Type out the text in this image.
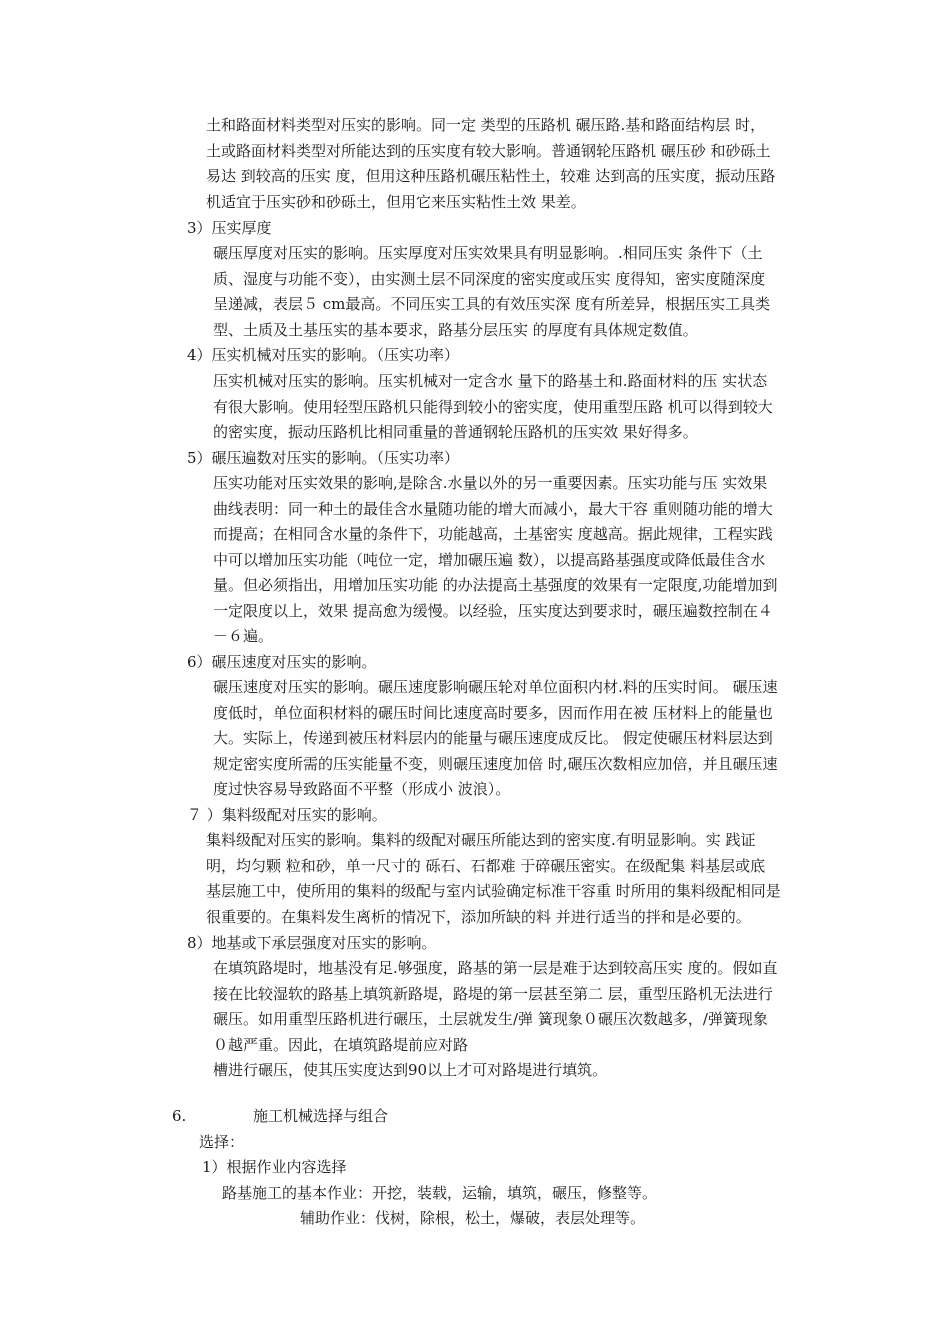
土和路面材料类型对压实的影响。同一定 类型的压路机 碾压路.基和路面结构层 时，
土或路面材料类型对所能达到的压实度有较大影响。普通钢轮压路机 碾压砂 和砂砾土
易达 到较高的压实 度，但用这种压路机碾压粘性土，较难 达到高的压实度，振动压路
机适宜于压实砂和砂砾土，但用它来压实粘性土效 果差。
3）压实厚度
碾压厚度对压实的影响。压实厚度对压实效果具有明显影响。.相同压实 条件下（土
质、湿度与功能不变），由实测土层不同深度的密实度或压实 度得知，密实度随深度
呈递减，表层５ cm最高。不同压实工具的有效压实深 度有所差异，根据压实工具类
型、土质及土基压实的基本要求，路基分层压实 的厚度有具体规定数值。
4）压实机械对压实的影响。（压实功率）
压实机械对压实的影响。压实机械对一定含水 量下的路基土和.路面材料的压 实状态
有很大影响。使用轻型压路机只能得到较小的密实度，使用重型压路 机可以得到较大
的密实度，振动压路机比相同重量的普通钢轮压路机的压实效 果好得多。
5）碾压遍数对压实的影响。（压实功率）
压实功能对压实效果的影响,是除含.水量以外的另一重要因素。压实功能与压 实效果
曲线表明：同一种土的最佳含水量随功能的增大而减小，最大干容 重则随功能的增大
而提高；在相同含水量的条件下，功能越高，土基密实 度越高。据此规律，工程实践
中可以增加压实功能（吨位一定，增加碾压遍 数），以提高路基强度或降低最佳含水
量。但必须指出，用增加压实功能 的办法提高土基强度的效果有一定限度,功能增加到
一定限度以上，效果 提高愈为缓慢。以经验，压实度达到要求时，碾压遍数控制在４
－６遍。
6）碾压速度对压实的影响。
碾压速度对压实的影响。碾压速度影响碾压轮对单位面积内材.料的压实时间。 碾压速
度低时，单位面积材料的碾压时间比速度高时要多，因而作用在被 压材料上的能量也
大。实际上，传递到被压材料层内的能量与碾压速度成反比。 假定使碾压材料层达到
规定密实度所需的压实能量不变，则碾压速度加倍 时,碾压次数相应加倍，并且碾压速
度过快容易导致路面不平整（形成小 波浪）。
７ ）集料级配对压实的影响。
集料级配对压实的影响。集料的级配对碾压所能达到的密实度.有明显影响。实 践证
明，均匀颗 粒和砂，单一尺寸的 砾石、石都难 于碎碾压密实。在级配集 料基层或底
基层施工中，使所用的集料的级配与室内试验确定标准干容重 时所用的集料级配相同是
很重要的。在集料发生离析的情况下，添加所缺的料 并进行适当的拌和是必要的。
8）地基或下承层强度对压实的影响。
在填筑路堤时，地基没有足.够强度，路基的第一层是难于达到较高压实 度的。假如直
接在比较湿软的路基上填筑新路堤，路堤的第一层甚至第二 层，重型压路机无法进行
碾压。如用重型压路机进行碾压，土层就发生/弹 簧现象０碾压次数越多，/弹簧现象
０越严重。因此，在填筑路堤前应对路
槽进行碾压，使其压实度达到90以上才可对路堤进行填筑。
6.	施工机械选择与组合
选择：
1）根据作业内容选择
路基施工的基本作业：开挖，装载，运输，填筑，碾压，修整等。
辅助作业：伐树，除根，松土，爆破，表层处理等。
